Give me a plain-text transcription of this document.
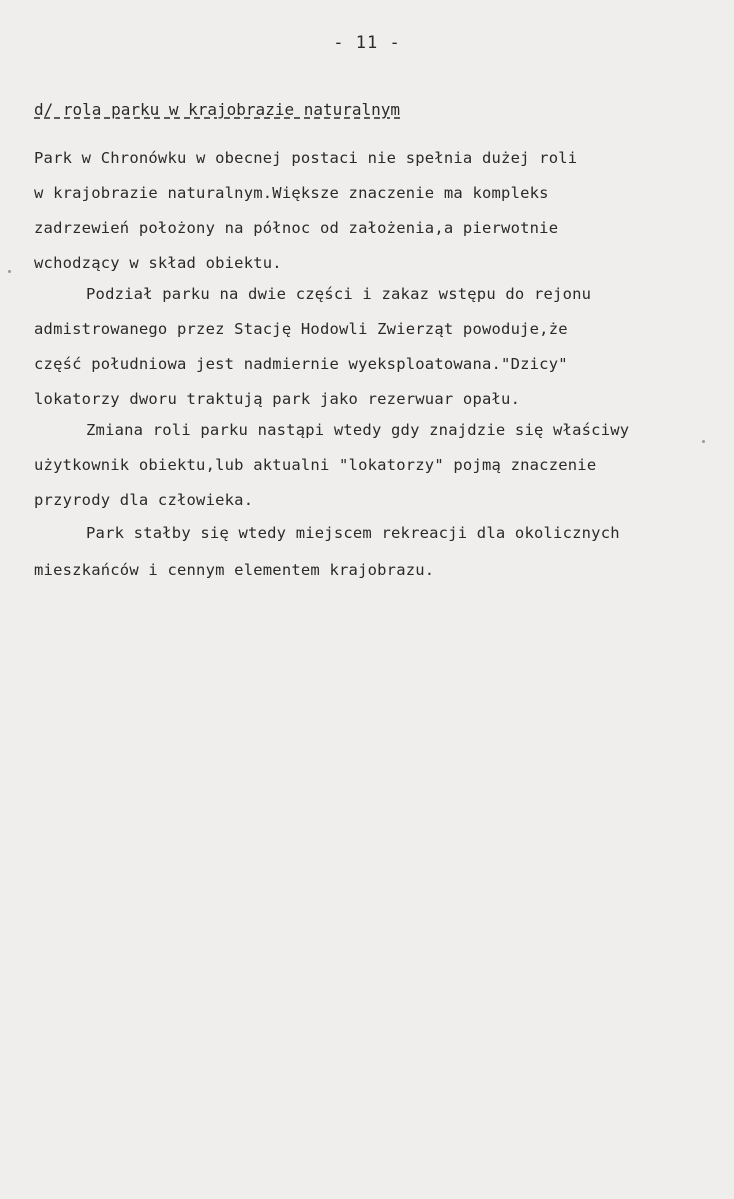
- 11 -
d/ rola parku w krajobrazie naturalnym
Park w Chronówku w obecnej postaci nie spełnia dużej roli
w krajobrazie naturalnym.Większe znaczenie ma kompleks
zadrzewień położony na północ od założenia,a pierwotnie
wchodzący w skład obiektu.
Podział parku na dwie części i zakaz wstępu do rejonu
admistrowanego przez Stację Hodowli Zwierząt powoduje,że
część południowa jest nadmiernie wyeksploatowana."Dzicy"
lokatorzy dworu traktują park jako rezerwuar opału.
Zmiana roli parku nastąpi wtedy gdy znajdzie się właściwy
użytkownik obiektu,lub aktualni "lokatorzy" pojmą znaczenie
przyrody dla człowieka.
Park stałby się wtedy miejscem rekreacji dla okolicznych
mieszkańców i cennym elementem krajobrazu.
